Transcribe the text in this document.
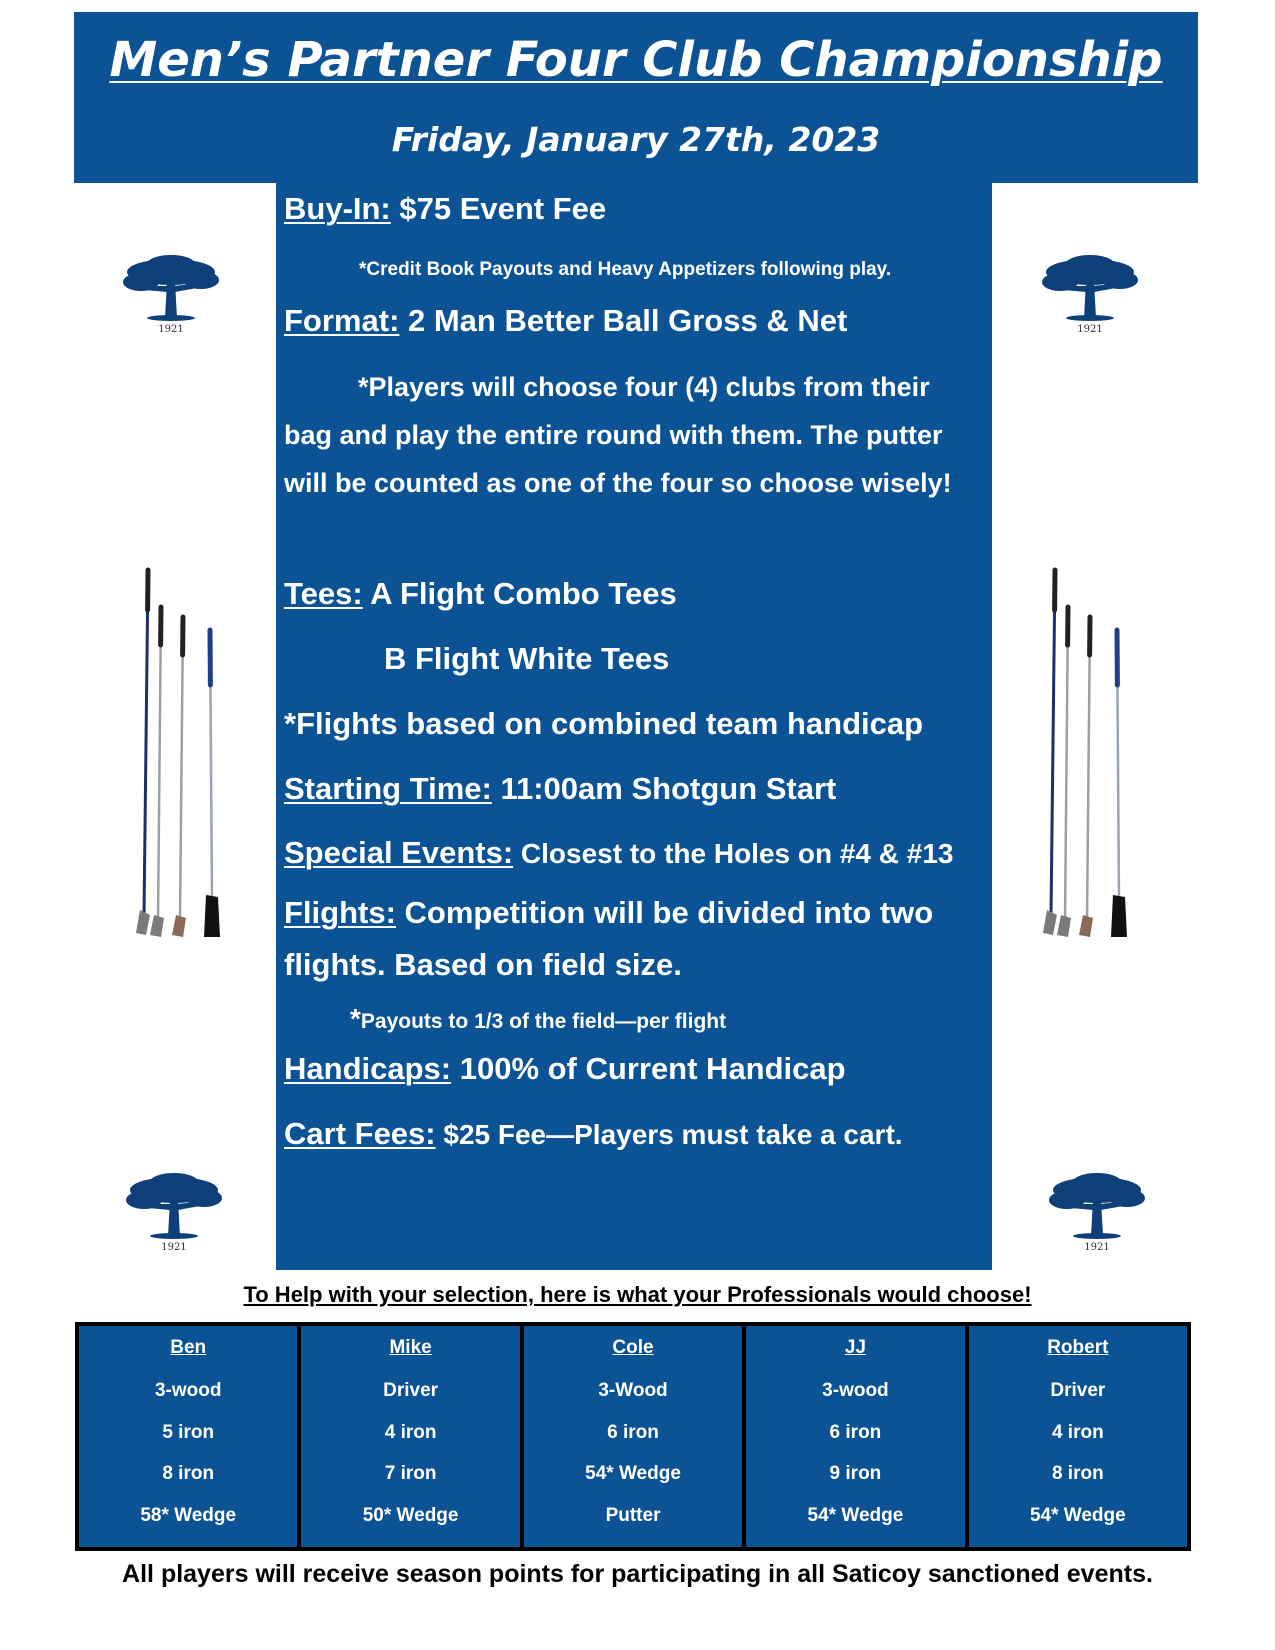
Men’s Partner Four Club Championship
Friday, January 27th, 2023
1921	1921
1921	1921
Buy-In: $75 Event Fee
*Credit Book Payouts and Heavy Appetizers following play.
Format: 2 Man Better Ball Gross & Net
*Players will choose four (4) clubs from their bag and play the entire round with them. The putter will be counted as one of the four so choose wisely!
Tees: A Flight Combo Tees
B Flight White Tees
*Flights based on combined team handicap
Starting Time: 11:00am Shotgun Start
Special Events: Closest to the Holes on #4 & #13
Flights: Competition will be divided into two flights. Based on field size.
*Payouts to 1/3 of the field—per flight
Handicaps: 100% of Current Handicap
Cart Fees: $25 Fee—Players must take a cart.
To Help with your selection, here is what your Professionals would choose!
Ben
3-wood
5 iron
8 iron
58* Wedge
Mike
Driver
4 iron
7 iron
50* Wedge
Cole
3-Wood
6 iron
54* Wedge
Putter
JJ
3-wood
6 iron
9 iron
54* Wedge
Robert
Driver
4 iron
8 iron
54* Wedge
All players will receive season points for participating in all Saticoy sanctioned events.
